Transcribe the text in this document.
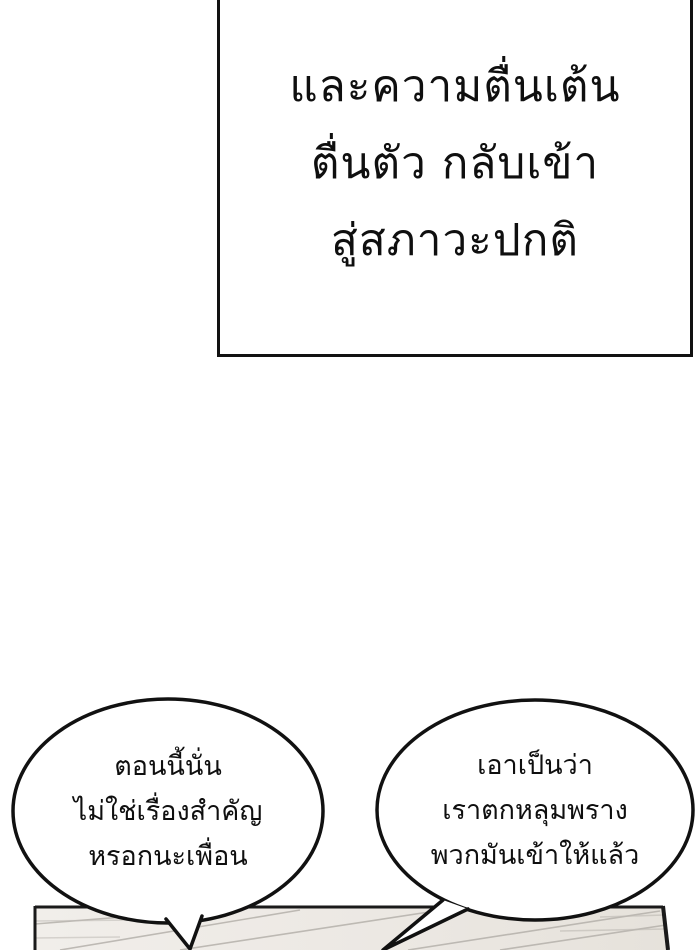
และความตื่นเต้น
ตื่นตัว กลับเข้า
สู่สภาวะปกติ
ตอนนี้นั่น
ไม่ใช่เรื่องสำคัญ
หรอกนะเพื่อน
เอาเป็นว่า
เราตกหลุมพราง
พวกมันเข้าให้แล้ว
